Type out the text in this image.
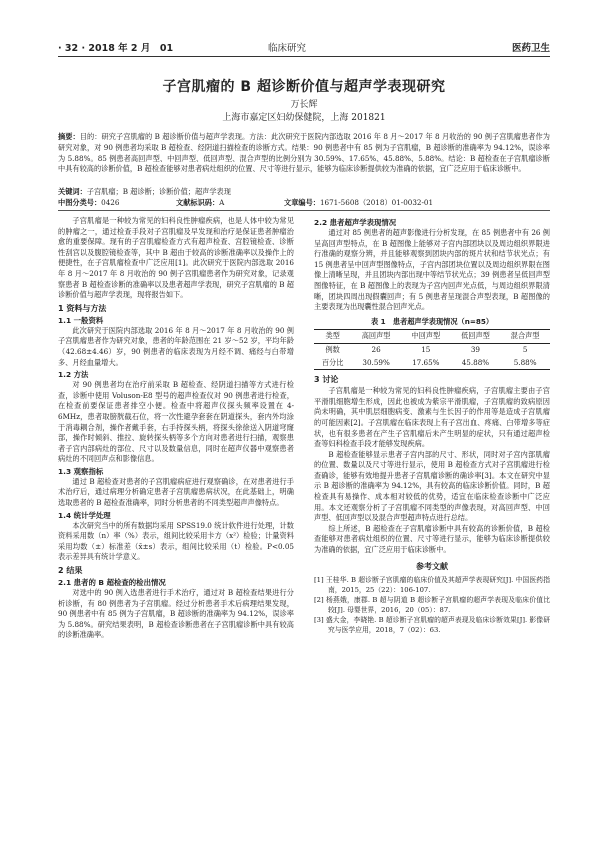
· 32 · 2018 年 2 月　01	临床研究	医药卫生
子宫肌瘤的 B 超诊断价值与超声学表现研究
万长辉
上海市嘉定区妇幼保健院，上海 201821
摘要：目的：研究子宫肌瘤的 B 超诊断价值与超声学表现。方法：此次研究于医院内部选取 2016 年 8 月～2017 年 8 月收治的 90 例子宫肌瘤患者作为研究对象，对 90 例患者均采取 B 超检查、经阴道扫描检查的诊断方式。结果：90 例患者中有 85 例为子宫肌瘤，B 超诊断的准确率为 94.12%，误诊率为 5.88%。85 例患者高回声型、中回声型、低回声型、混合声型的比例分别为 30.59%、17.65%、45.88%、5.88%。结论：B 超检查在子宫肌瘤诊断中具有较高的诊断价值，B 超检查能够对患者病灶组织的位置、尺寸等进行显示，能够为临床诊断提供较为准确的依据，宜广泛应用于临床诊断中。
关键词：子宫肌瘤；B 超诊断；诊断价值；超声学表现
中图分类号： 0426	文献标识码： A	文章编号： 1671-5608（2018）01-0032-01

子宫肌瘤是一种较为常见的妇科良性肿瘤疾病，也是人体中较为常见的肿瘤之一，通过检查手段对子宫肌瘤及早发现和治疗是保证患者肿瘤治愈的重要保障。现有的子宫肌瘤检查方式有超声检查、宫腔镜检查、诊断性刮宫以及腹腔镜检查等，其中 B 超由于较高的诊断准确率以及操作上的便捷性，在子宫肌瘤检查中广泛应用[1]。此次研究于医院内部选取 2016 年 8 月～2017 年 8 月收治的 90 例子宫肌瘤患者作为研究对象，记录观察患者 B 超检查诊断的准确率以及患者超声学表现，研究子宫肌瘤的 B 超诊断价值与超声学表现，现将报告如下。

1 资料与方法
1.1 一般资料

此次研究于医院内部选取 2016 年 8 月～2017 年 8 月收治的 90 例子宫肌瘤患者作为研究对象，患者的年龄范围在 21 岁～52 岁，平均年龄（42.68±4.46）岁，90 例患者的临床表现为月经不调、痛经与白带增多、月经血量增大。

1.2 方法

对 90 例患者均在治疗前采取 B 超检查、经阴道扫描等方式进行检查，诊断中使用 Voluson-E8 型号的超声检查仪对 90 例患者进行检查，在检查前要保证患者排空小便。检查中将超声仪探头频率设置在 4-6MHz，患者取膀胱截石位，将一次性避孕套套在阴道探头，套内外均涂于消毒耦合剂，操作者戴手套，右手持探头柄，将探头徐徐送入阴道穹窿部，操作时倾斜、推拉、旋转探头柄等多个方向对患者进行扫描，观察患者子宫内部病灶的部位、尺寸以及数量信息，同时在超声仪器中观察患者病灶的不同回声点和影像信息。

1.3 观察指标

通过 B 超检查对患者的子宫肌瘤病症进行观察确诊，在对患者进行手术治疗后，通过病理分析确定患者子宫肌瘤患病状况，在此基础上，明确选取患者的 B 超检查准确率，同时分析患者的不同类型超声声像特点。

1.4 统计学处理

本次研究当中的所有数据均采用 SPSS19.0 统计软件进行处理，计数资料采用数（n）率（%）表示，组间比较采用卡方（x²）检验；计量资料采用均数（±）标准差（x̄±s）表示，组间比较采用（t）检验。P<0.05 表示差异具有统计学意义。

2 结果
2.1 患者的 B 超检查的检出情况

对选中的 90 例入选患者进行手术治疗，通过对 B 超检查结果进行分析诊断，有 80 例患者为子宫肌瘤。经过分析患者手术后病理结果发现，90 例患者中有 85 例为子宫肌瘤，B 超诊断的准确率为 94.12%，误诊率为 5.88%。研究结果表明，B 超检查诊断患者在子宫肌瘤诊断中具有较高的诊断准确率。

2.2 患者超声学表现情况

通过对 85 例患者的超声影像进行分析发现，在 85 例患者中有 26 例呈高回声型特点，在 B 超图像上能够对子宫内部团块以及周边组织界限进行准确的观察分辨，并且能够观察到团块内部的斑片状和结节状光点；有 15 例患者呈中回声型图像特点，子宫内部团块位置以及周边组织界限在图像上清晰呈现，并且团块内部出现中等结节状光点；39 例患者呈低回声型图像特征，在 B 超图像上的表现为子宫内回声光点低，与周边组织界限清晰，团块四周出现假囊回声；有 5 例患者呈现混合声型表现，B 超图像的主要表现为出现囊性混合回声光点。

表 1　患者超声学表现情况（n=85）
类型	高回声型	中回声型	低回声型	混合声型
例数	26	15	39	5
百分比	30.59%	17.65%	45.88%	5.88%
3 讨论

子宫肌瘤是一种较为常见的妇科良性肿瘤疾病，子宫肌瘤主要由子宫平滑肌细胞增生形成，因此也被成为紫宗平滑肌瘤，子宫肌瘤的致病原因尚未明确，其中肌层细胞病变、激素与生长因子的作用等是造成子宫肌瘤的可能因素[2]。子宫肌瘤在临床表现上有子宫出血、疼痛、白带增多等症状，也有很多患者在产生子宫肌瘤后未产生明显的症状，只有通过超声检查等妇科检查手段才能够发现疾病。

B 超检查能够显示患者子宫内部的尺寸、形状，同时对子宫内部肌瘤的位置、数量以及尺寸等进行显示，使用 B 超检查方式对子宫肌瘤进行检查确诊，能够有效地提升患者子宫肌瘤诊断的确诊率[3]。本文在研究中显示 B 超诊断的准确率为 94.12%，具有较高的临床诊断价值。同时，B 超检查具有易操作、成本相对较低的优势，适宜在临床检查诊断中广泛应用。本文还观察分析了子宫肌瘤不同类型的声像表现，对高回声型、中回声型、低回声型以及混合声型超声特点进行总结。

综上所述，B 超检查在子宫肌瘤诊断中具有较高的诊断价值，B 超检查能够对患者病灶组织的位置、尺寸等进行显示，能够为临床诊断提供较为准确的依据，宜广泛应用于临床诊断中。

参考文献
[1] 王桂华. B 超诊断子宫肌瘤的临床价值及其超声学表现研究[J]. 中国医药指南，2015，25（22）：106-107.
[2] 杨燕娥，康郡. B 超与阴道 B 超诊断子宫肌瘤的超声学表现及临床价值比较[J]. 母婴世界，2016，20（05）：87.
[3] 盛大金，李晓艳. B 超诊断子宫肌瘤的超声表现及临床诊断效果[J]. 影像研究与医学应用，2018，7（02）：63.
